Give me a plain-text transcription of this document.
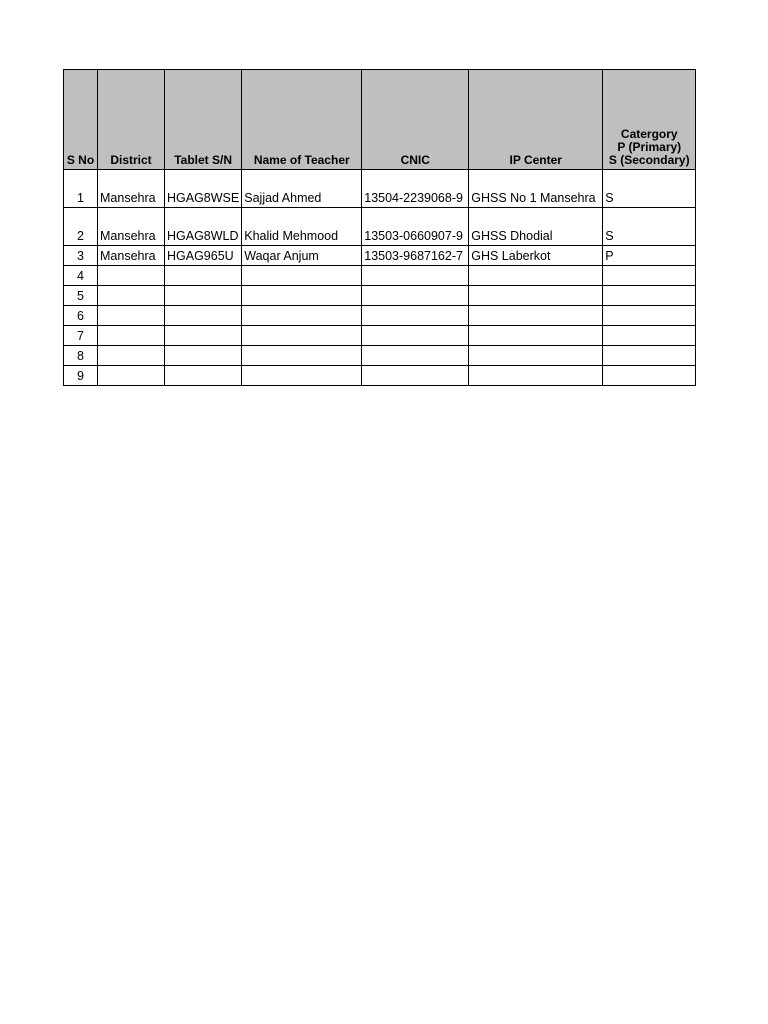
S No	District	Tablet S/N	Name of Teacher	CNIC	IP Center	Catergory
P (Primary)
S (Secondary)

1	Mansehra	HGAG8WSE	Sajjad Ahmed	13504-2239068-9	GHSS No 1 Mansehra	S
2	Mansehra	HGAG8WLD	Khalid Mehmood	13503-0660907-9	GHSS Dhodial	S
3	Mansehra	HGAG965U	Waqar Anjum	13503-9687162-7	GHS Laberkot	P
4						
5						
6						
7						
8						
9						
